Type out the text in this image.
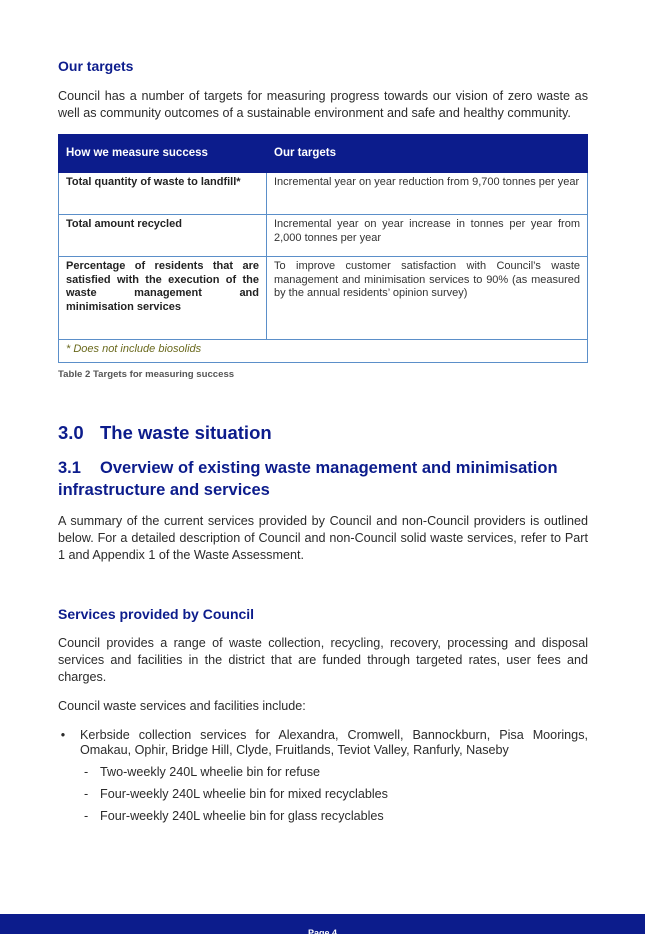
Our targets

Council has a number of targets for measuring progress towards our vision of zero waste as well as community outcomes of a sustainable environment and safe and healthy community.

How we measure success	Our targets
Total quantity of waste to landfill*	Incremental year on year reduction from 9,700 tonnes per year
Total amount recycled	Incremental year on year increase in tonnes per year from 2,000 tonnes per year
Percentage of residents that are satisfied with the execution of the waste management and minimisation services	To improve customer satisfaction with Council’s waste management and minimisation services to 90% (as measured by the annual residents’ opinion survey)
* Does not include biosolids	

Table 2 Targets for measuring success

3.0 The waste situation
3.1 Overview of existing waste management and minimisation infrastructure and services

A summary of the current services provided by Council and non-Council providers is outlined below. For a detailed description of Council and non-Council solid waste services, refer to Part 1 and Appendix 1 of the Waste Assessment.

Services provided by Council

Council provides a range of waste collection, recycling, recovery, processing and disposal services and facilities in the district that are funded through targeted rates, user fees and charges.

Council waste services and facilities include:

• Kerbside collection services for Alexandra, Cromwell, Bannockburn, Pisa Moorings, Omakau, Ophir, Bridge Hill, Clyde, Fruitlands, Teviot Valley, Ranfurly, Naseby
- Two-weekly 240L wheelie bin for refuse
- Four-weekly 240L wheelie bin for mixed recyclables
- Four-weekly 240L wheelie bin for glass recyclables
Page 4
